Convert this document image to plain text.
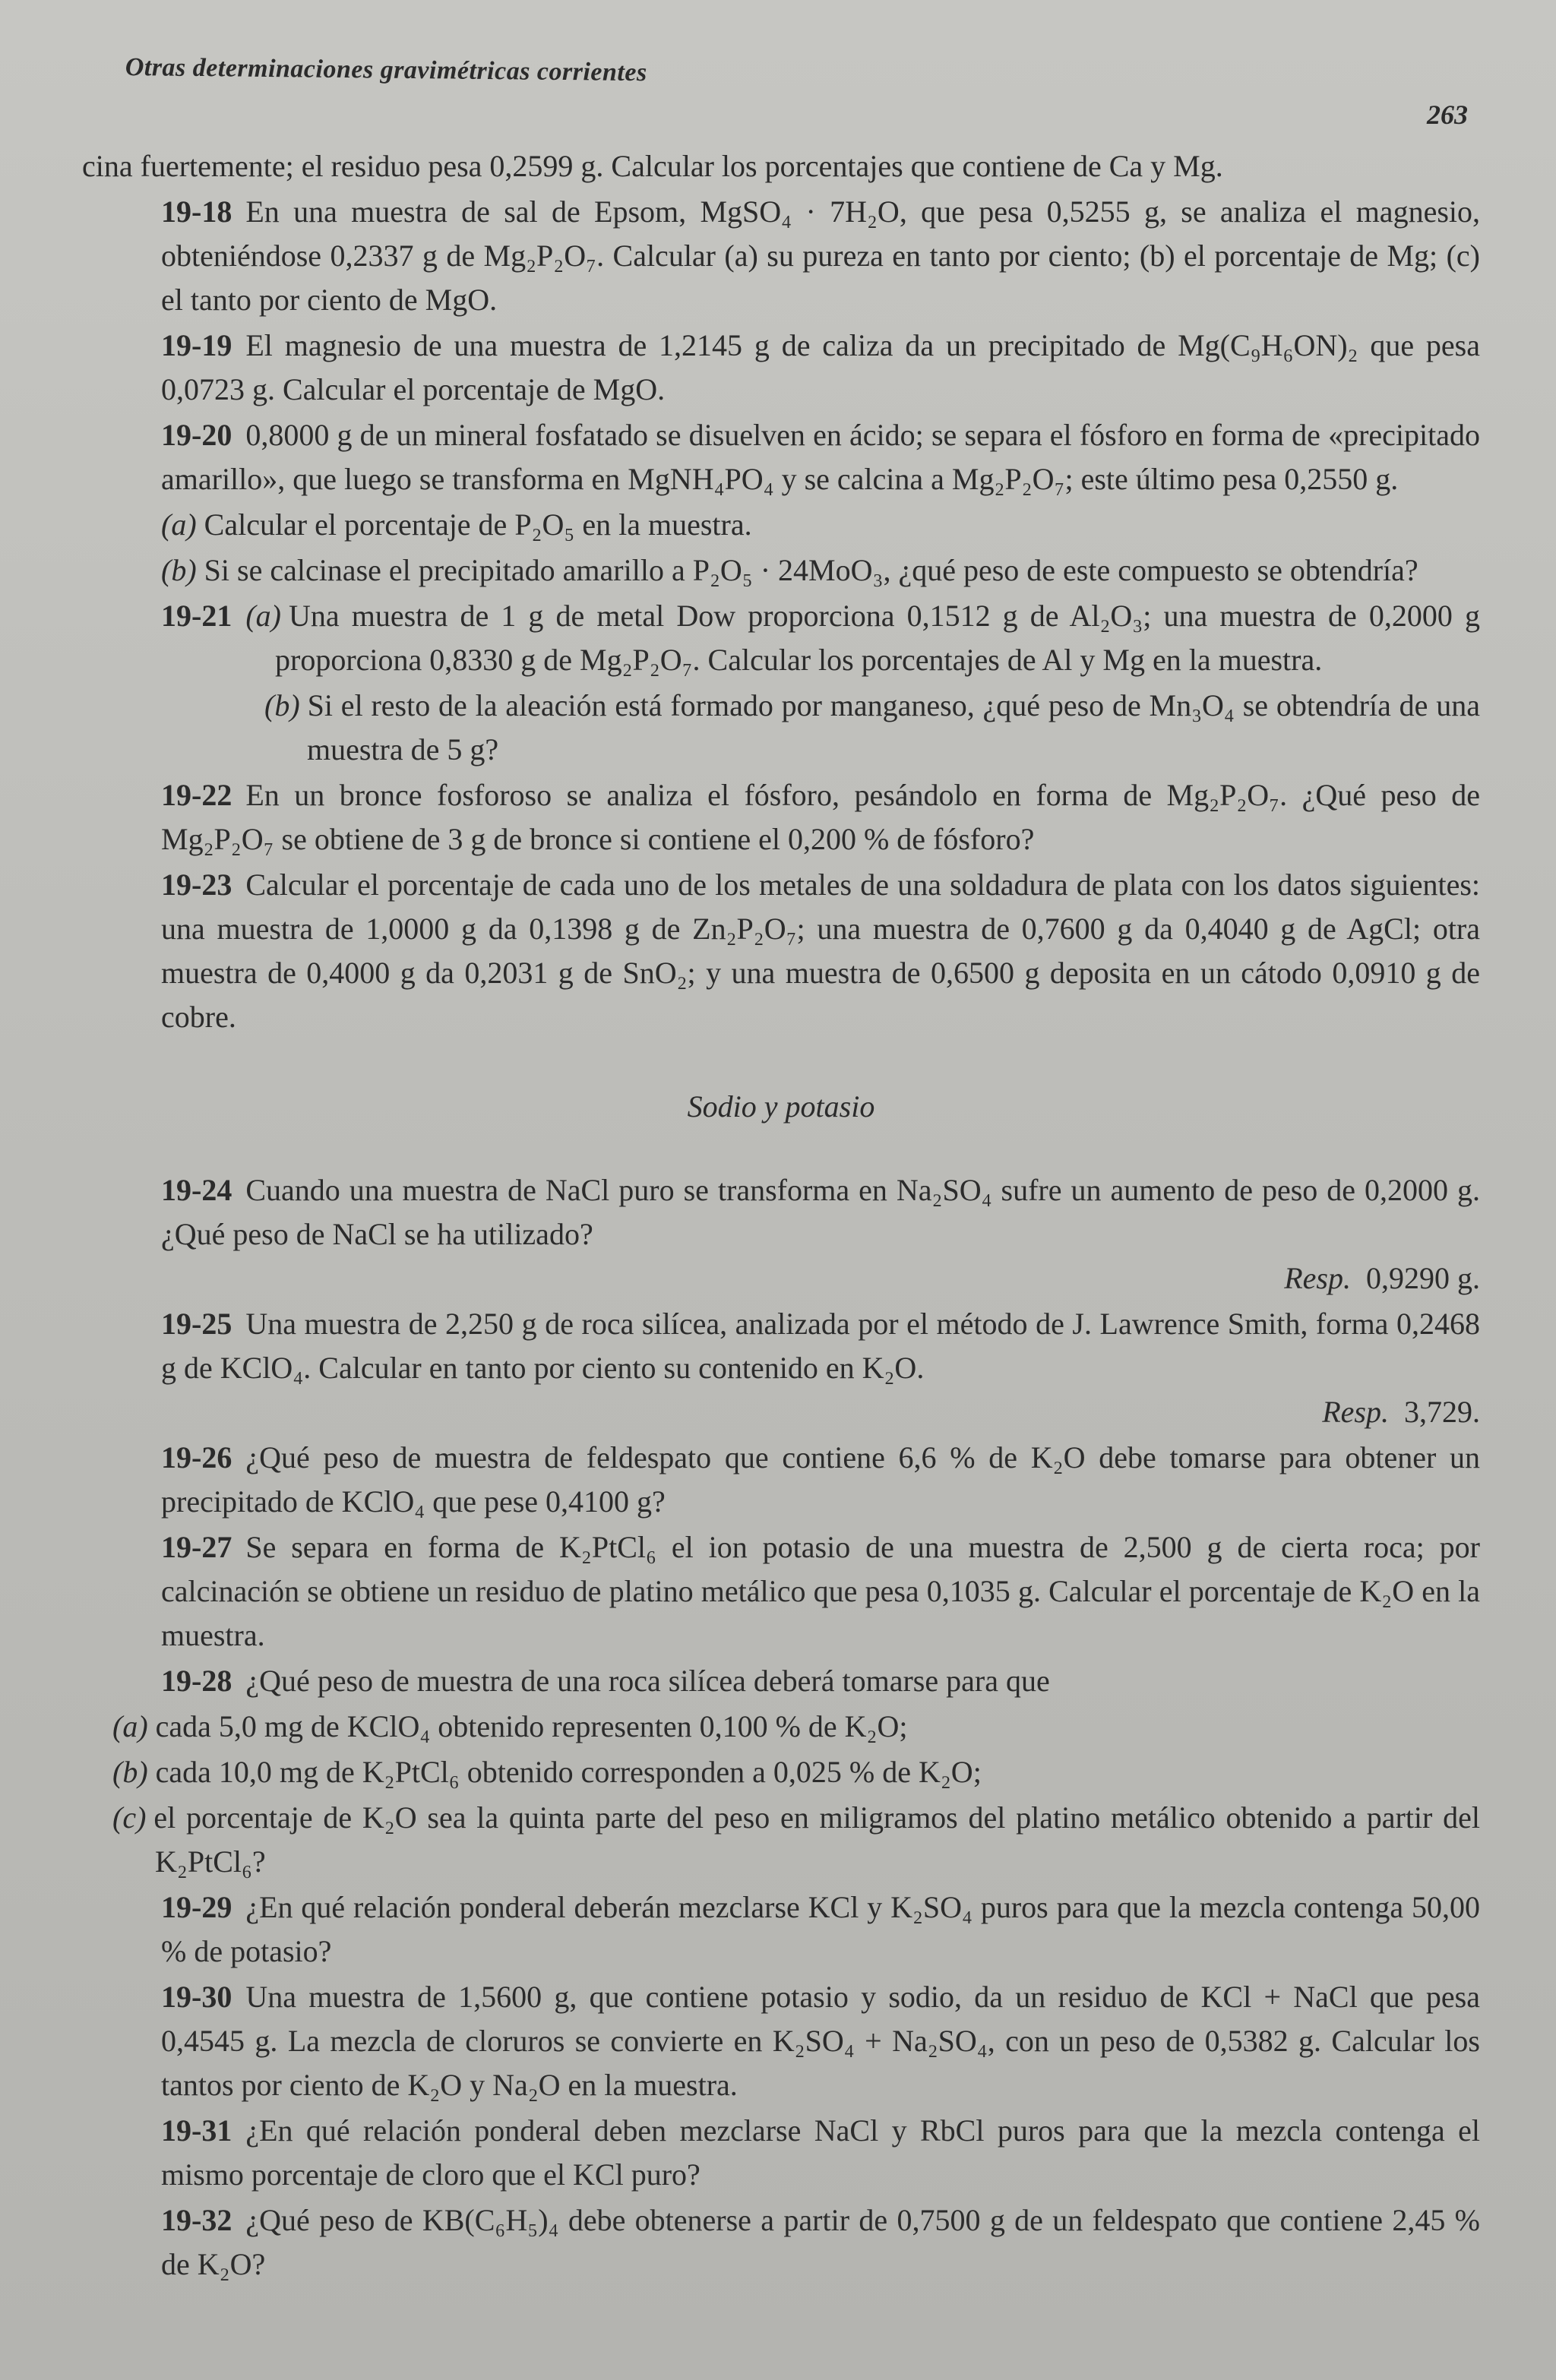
Otras determinaciones gravimétricas corrientes
263
cina fuertemente; el residuo pesa 0,2599 g. Calcular los porcentajes que contiene de Ca y Mg.
19-18 En una muestra de sal de Epsom, MgSO₄ · 7H₂O, que pesa 0,5255 g, se analiza el magnesio, obteniéndose 0,2337 g de Mg₂P₂O₇. Calcular (a) su pureza en tanto por ciento; (b) el porcentaje de Mg; (c) el tanto por ciento de MgO.
19-19 El magnesio de una muestra de 1,2145 g de caliza da un precipitado de Mg(C₉H₆ON)₂ que pesa 0,0723 g. Calcular el porcentaje de MgO.
19-20 0,8000 g de un mineral fosfatado se disuelven en ácido; se separa el fósforo en forma de «precipitado amarillo», que luego se transforma en MgNH₄PO₄ y se calcina a Mg₂P₂O₇; este último pesa 0,2550 g.
(a) Calcular el porcentaje de P₂O₅ en la muestra.
(b) Si se calcinase el precipitado amarillo a P₂O₅ · 24MoO₃, ¿qué peso de este compuesto se obtendría?
19-21 (a) Una muestra de 1 g de metal Dow proporciona 0,1512 g de Al₂O₃; una muestra de 0,2000 g proporciona 0,8330 g de Mg₂P₂O₇. Calcular los porcentajes de Al y Mg en la muestra.
(b) Si el resto de la aleación está formado por manganeso, ¿qué peso de Mn₃O₄ se obtendría de una muestra de 5 g?
19-22 En un bronce fosforoso se analiza el fósforo, pesándolo en forma de Mg₂P₂O₇. ¿Qué peso de Mg₂P₂O₇ se obtiene de 3 g de bronce si contiene el 0,200 % de fósforo?
19-23 Calcular el porcentaje de cada uno de los metales de una soldadura de plata con los datos siguientes: una muestra de 1,0000 g da 0,1398 g de Zn₂P₂O₇; una muestra de 0,7600 g da 0,4040 g de AgCl; otra muestra de 0,4000 g da 0,2031 g de SnO₂; y una muestra de 0,6500 g deposita en un cátodo 0,0910 g de cobre.
Sodio y potasio
19-24 Cuando una muestra de NaCl puro se transforma en Na₂SO₄ sufre un aumento de peso de 0,2000 g. ¿Qué peso de NaCl se ha utilizado?
Resp. 0,9290 g.
19-25 Una muestra de 2,250 g de roca silícea, analizada por el método de J. Lawrence Smith, forma 0,2468 g de KClO₄. Calcular en tanto por ciento su contenido en K₂O.
Resp. 3,729.
19-26 ¿Qué peso de muestra de feldespato que contiene 6,6 % de K₂O debe tomarse para obtener un precipitado de KClO₄ que pese 0,4100 g?
19-27 Se separa en forma de K₂PtCl₆ el ion potasio de una muestra de 2,500 g de cierta roca; por calcinación se obtiene un residuo de platino metálico que pesa 0,1035 g. Calcular el porcentaje de K₂O en la muestra.
19-28 ¿Qué peso de muestra de una roca silícea deberá tomarse para que
(a) cada 5,0 mg de KClO₄ obtenido representen 0,100 % de K₂O;
(b) cada 10,0 mg de K₂PtCl₆ obtenido corresponden a 0,025 % de K₂O;
(c) el porcentaje de K₂O sea la quinta parte del peso en miligramos del platino metálico obtenido a partir del K₂PtCl₆?
19-29 ¿En qué relación ponderal deberán mezclarse KCl y K₂SO₄ puros para que la mezcla contenga 50,00 % de potasio?
19-30 Una muestra de 1,5600 g, que contiene potasio y sodio, da un residuo de KCl + NaCl que pesa 0,4545 g. La mezcla de cloruros se convierte en K₂SO₄ + Na₂SO₄, con un peso de 0,5382 g. Calcular los tantos por ciento de K₂O y Na₂O en la muestra.
19-31 ¿En qué relación ponderal deben mezclarse NaCl y RbCl puros para que la mezcla contenga el mismo porcentaje de cloro que el KCl puro?
19-32 ¿Qué peso de KB(C₆H₅)₄ debe obtenerse a partir de 0,7500 g de un feldespato que contiene 2,45 % de K₂O?
